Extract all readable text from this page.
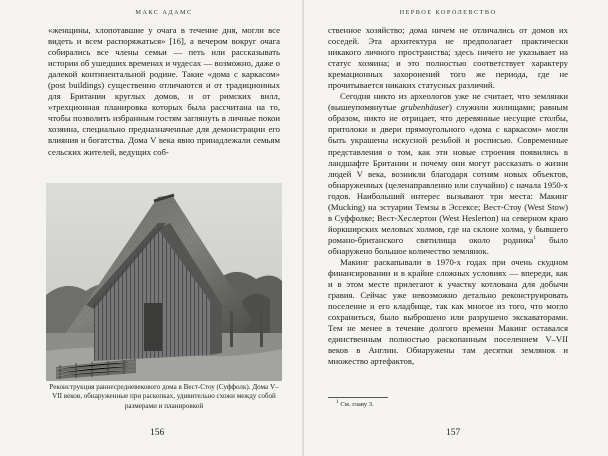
МАКС АДАМС

«женщины, хлопотавшие у очага в течение дня, могли все видеть и всем распоряжаться» [16], а вечером вокруг очага собирались все члены семьи — петь или рассказывать истории об ушедших временах и чудесах — возможно, даже о далекой континентальной родине. Такие «дома с каркасом» (post buildings) существенно отличаются и от традиционных для Британии круглых домов, и от римских вилл, »трехционная планировка которых была рассчитана на то, чтобы позволить избранным гостям заглянуть в личные покои хозяина, специально предназначенные для демонстрации его влияния и богатства. Дома V века явно принадлежали семьям сельских жителей, ведущих соб-

Реконструкция раннесредневекового дома в Вест-Стоу (Суффолк). Дома V–VII веков, обнаруженные при раскопках, удивительно схожи между собой размерами и планировкой
156
ПЕРВОЕ КОРОЛЕВСТВО

ственное хозяйство; дома ничем не отличались от домов их соседей. Эта архитектура не предполагает практически никакого личного пространства; здесь ничего не указывает на статус хозяина; и это полностью соответствует характеру кремационных захоронений того же периода, где не прочитывается никаких статусных различий.

Сегодня никто из археологов уже не считает, что землянки (вышеупомянутые grubenhäuser) служили жилищами; равным образом, никто не отрицает, что деревянные несущие столбы, притолоки и двери прямоугольного «дома с каркасом» могли быть украшены искусной резьбой и росписью. Современные представления о том, как эти новые строения появились в ландшафте Британии и почему они могут рассказать о жизни людей V века, возникли благодаря сотням новых объектов, обнаруженных (целенаправленно или случайно) с начала 1950-х годов. Наибольший интерес вызывают три места: Макинг (Mucking) на эстуарии Темзы в Эссексе; Вест-Стоу (West Stow) в Суффолке; Вест-Хеслертон (West Heslerton) на северном краю йоркширских меловых холмов, где на склоне холма, у бывшего романо-британского святилища около родника$^1$ было обнаружено большое количество землянок.

Макинг раскапывали в 1970-х годах при очень скудном финансировании и в крайне сложных условиях — впереди, как и в этом месте прилегают к участку котлована для добычи гравия. Сейчас уже невозможно детально реконструировать поселение и его кладбище, так как многое из того, что могло сохраниться, было выброшено или разрушено экскаваторами. Тем не менее в течение долгого времени Макинг оставался единственным полностью раскопанным поселением V–VII веков в Англии. Обнаружены там десятки землянок и множество артефактов,

$^1$ Cм. главу 3.
157
